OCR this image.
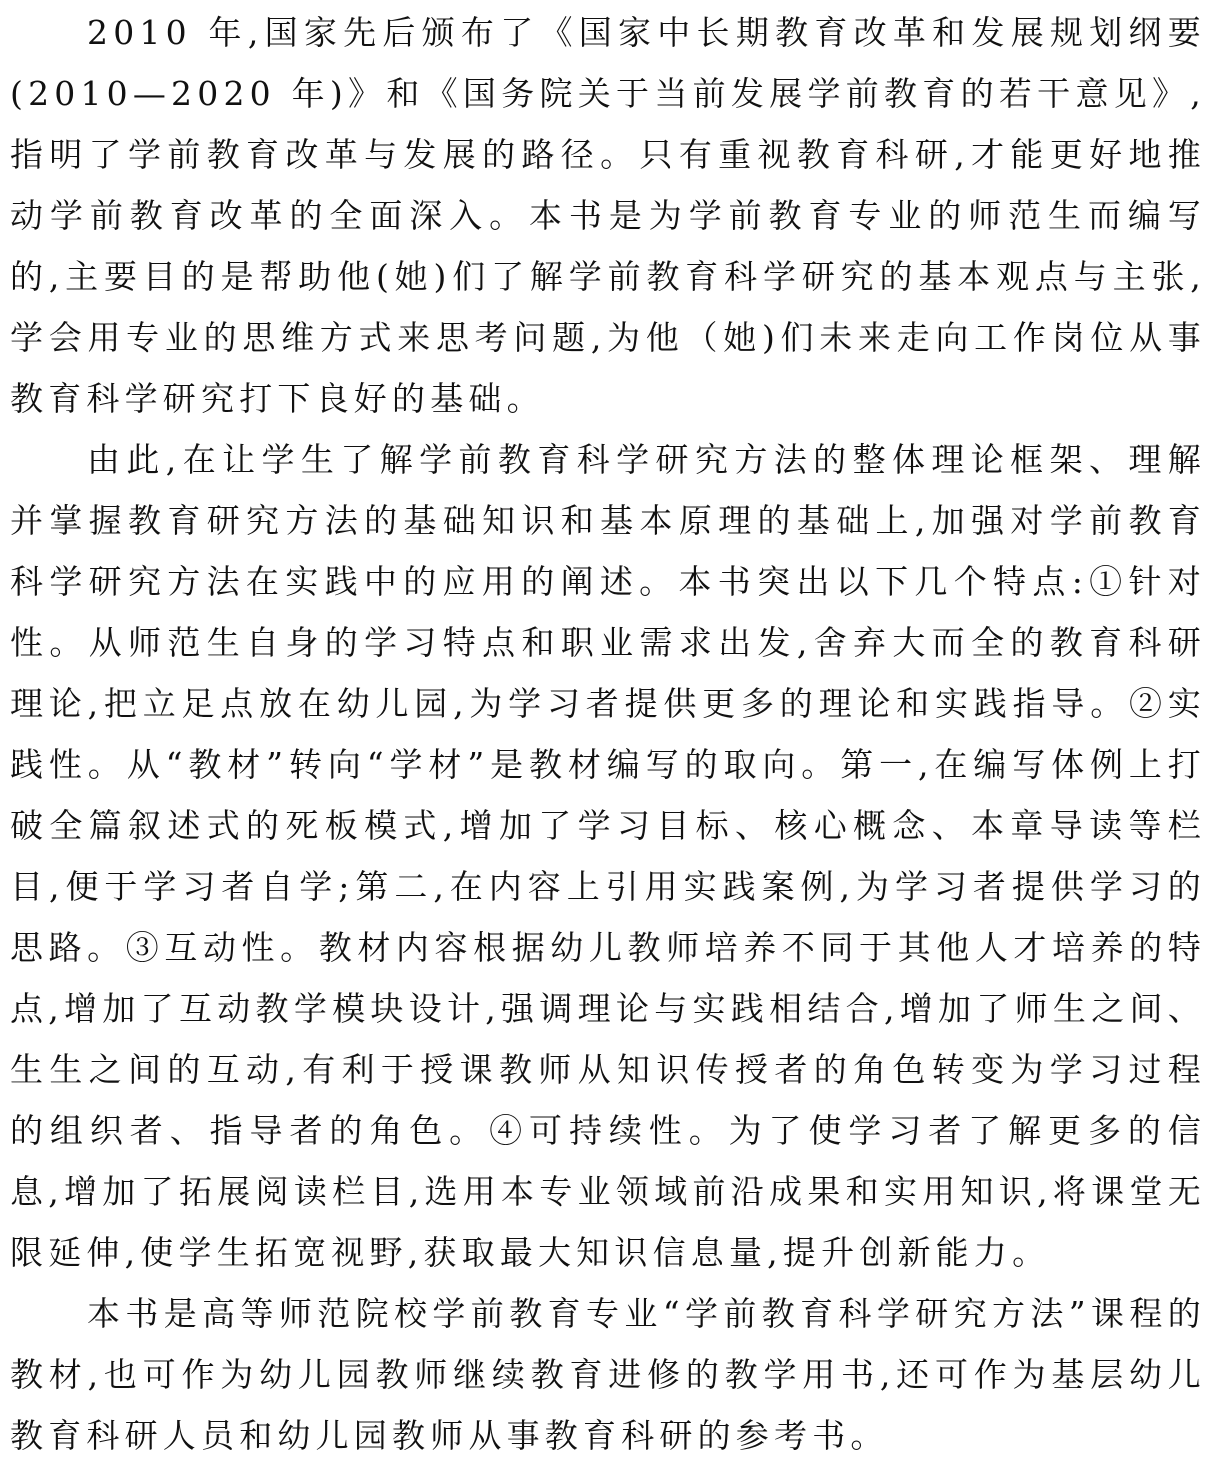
2010 年,国家先后颁布了《国家中长期教育改革和发展规划纲要(2010—2020 年)》和《国务院关于当前发展学前教育的若干意见》,指明了学前教育改革与发展的路径。只有重视教育科研,才能更好地推动学前教育改革的全面深入。本书是为学前教育专业的师范生而编写的,主要目的是帮助他(她)们了解学前教育科学研究的基本观点与主张,学会用专业的思维方式来思考问题,为他（她)们未来走向工作岗位从事教育科学研究打下良好的基础。

由此,在让学生了解学前教育科学研究方法的整体理论框架、理解并掌握教育研究方法的基础知识和基本原理的基础上,加强对学前教育科学研究方法在实践中的应用的阐述。本书突出以下几个特点:①针对性。从师范生自身的学习特点和职业需求出发,舍弃大而全的教育科研理论,把立足点放在幼儿园,为学习者提供更多的理论和实践指导。②实践性。从“教材”转向“学材”是教材编写的取向。第一,在编写体例上打破全篇叙述式的死板模式,增加了学习目标、核心概念、本章导读等栏目,便于学习者自学;第二,在内容上引用实践案例,为学习者提供学习的思路。③互动性。教材内容根据幼儿教师培养不同于其他人才培养的特点,增加了互动教学模块设计,强调理论与实践相结合,增加了师生之间、生生之间的互动,有利于授课教师从知识传授者的角色转变为学习过程的组织者、指导者的角色。④可持续性。为了使学习者了解更多的信息,增加了拓展阅读栏目,选用本专业领域前沿成果和实用知识,将课堂无限延伸,使学生拓宽视野,获取最大知识信息量,提升创新能力。

本书是高等师范院校学前教育专业“学前教育科学研究方法”课程的教材,也可作为幼儿园教师继续教育进修的教学用书,还可作为基层幼儿教育科研人员和幼儿园教师从事教育科研的参考书。
